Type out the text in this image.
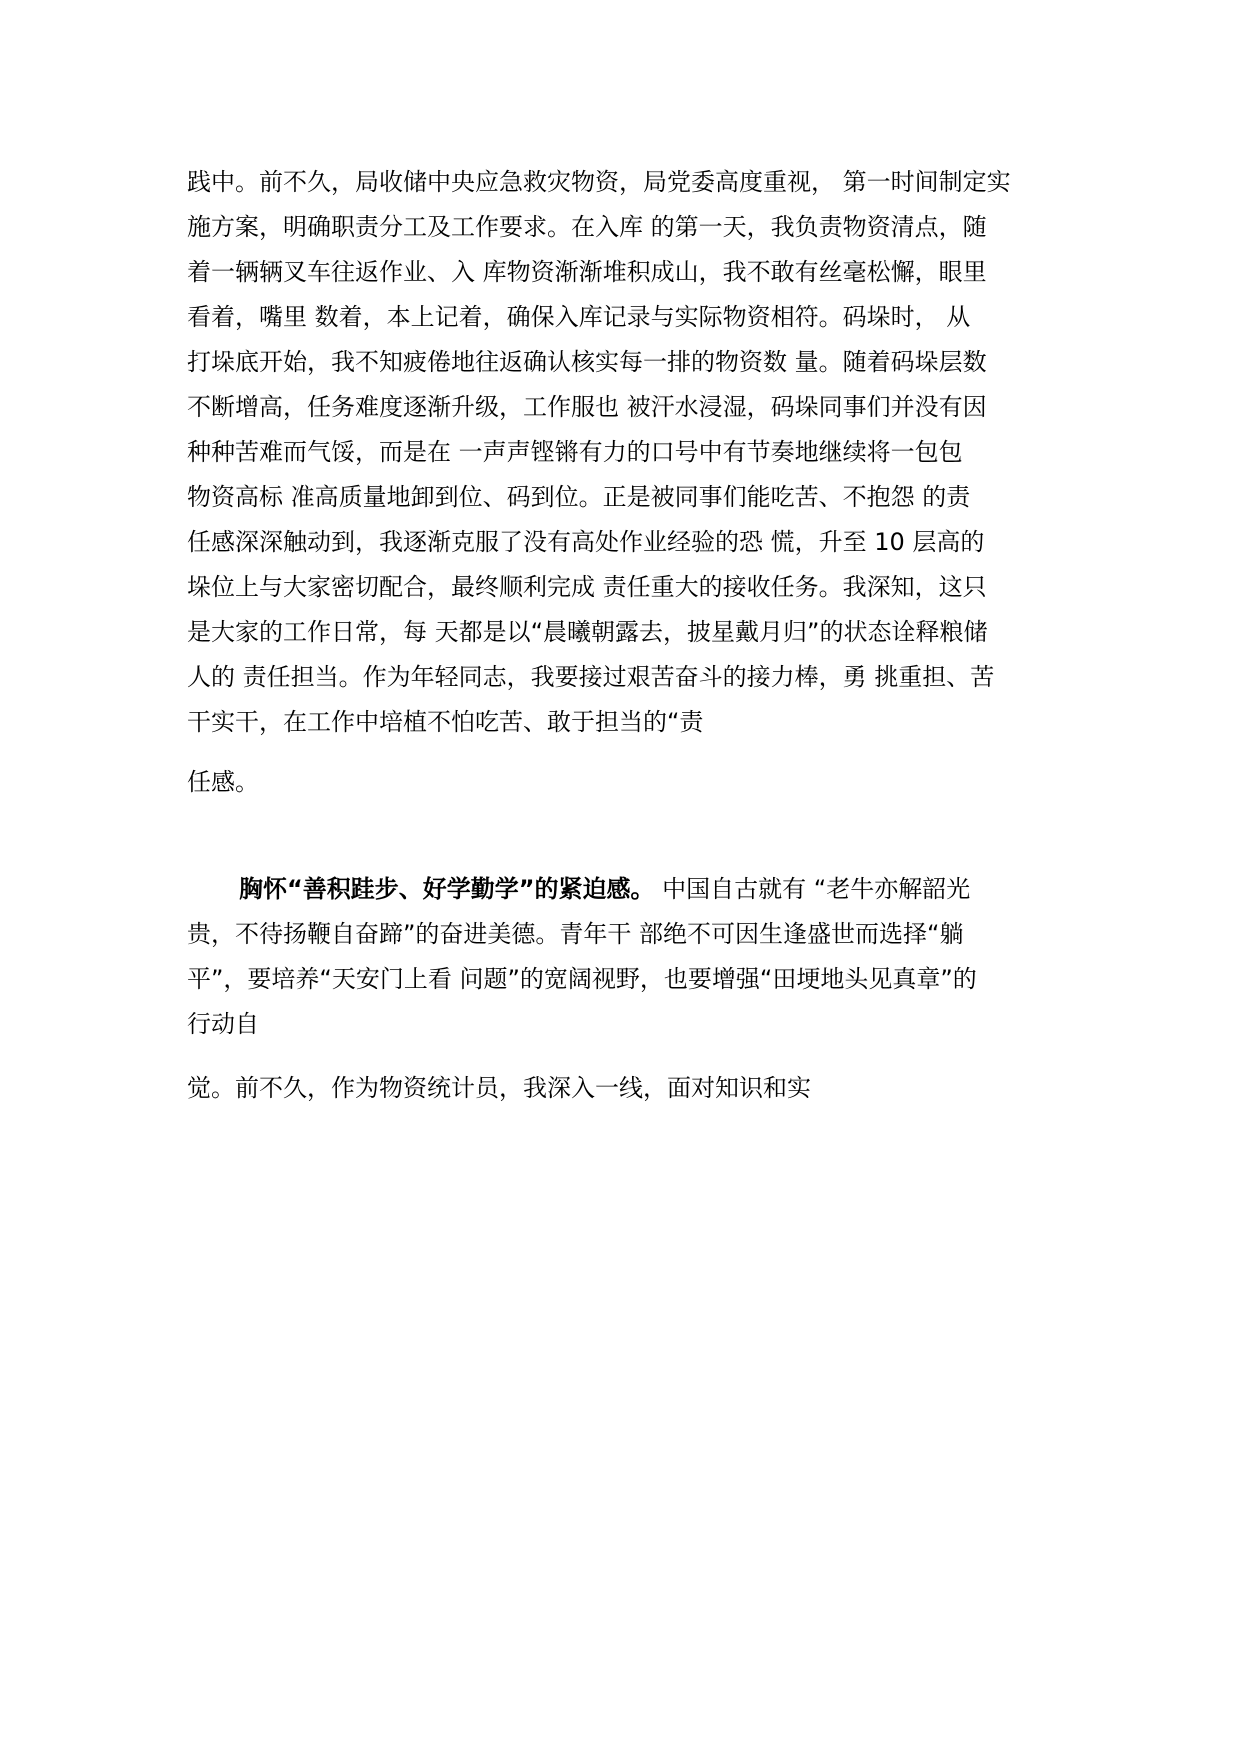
践中。前不久，局收储中央应急救灾物资，局党委高度重视， 第一时间制定实
施方案，明确职责分工及工作要求。在入库 的第一天，我负责物资清点，随
着一辆辆叉车往返作业、入 库物资渐渐堆积成山，我不敢有丝毫松懈，眼里
看着，嘴里 数着，本上记着，确保入库记录与实际物资相符。码垛时， 从
打垛底开始，我不知疲倦地往返确认核实每一排的物资数 量。随着码垛层数
不断增高，任务难度逐渐升级，工作服也 被汗水浸湿，码垛同事们并没有因
种种苦难而气馁，而是在 一声声铿锵有力的口号中有节奏地继续将一包包
物资高标 准高质量地卸到位、码到位。正是被同事们能吃苦、不抱怨 的责
任感深深触动到，我逐渐克服了没有高处作业经验的恐 慌，升至 10 层高的
垛位上与大家密切配合，最终顺利完成 责任重大的接收任务。我深知，这只
是大家的工作日常，每 天都是以“晨曦朝露去，披星戴月归”的状态诠释粮储
人的 责任担当。作为年轻同志，我要接过艰苦奋斗的接力棒，勇 挑重担、苦
干实干，在工作中培植不怕吃苦、敢于担当的“责
任感。
胸怀“善积跬步、好学勤学”的紧迫感。 中国自古就有 “老牛亦解韶光
贵，不待扬鞭自奋蹄”的奋进美德。青年干 部绝不可因生逢盛世而选择“躺
平”，要培养“天安门上看 问题”的宽阔视野，也要增强“田埂地头见真章”的
行动自
觉。前不久，作为物资统计员，我深入一线，面对知识和实
